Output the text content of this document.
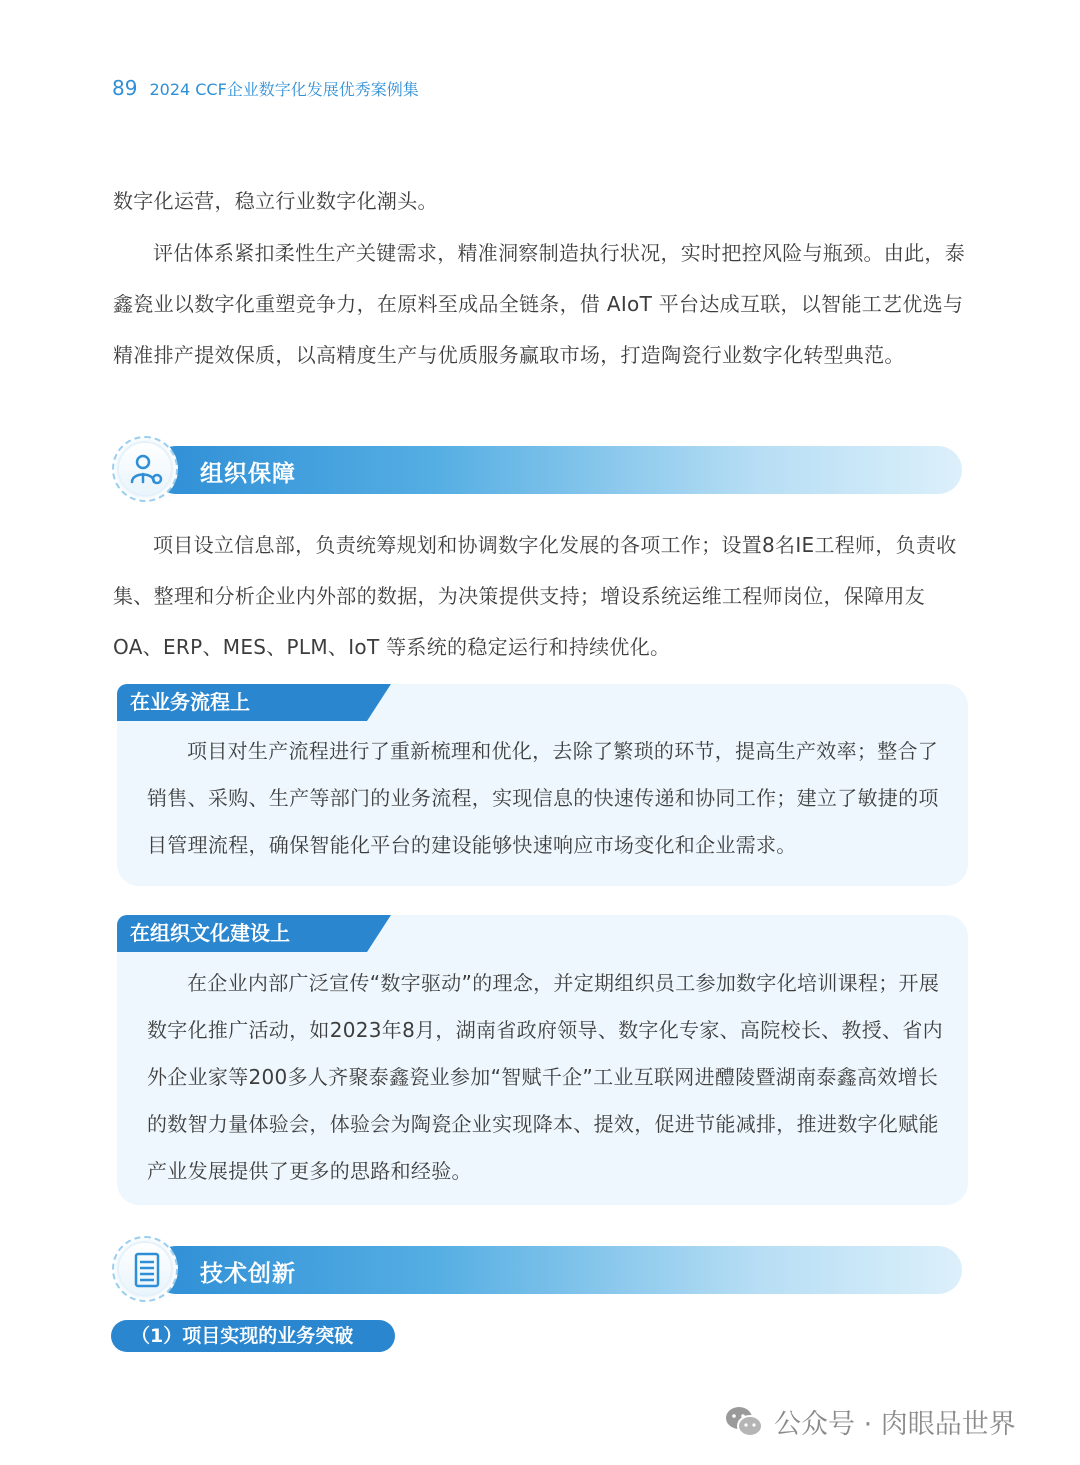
89 2024 CCF企业数字化发展优秀案例集

数字化运营，稳立行业数字化潮头。

评估体系紧扣柔性生产关键需求，精准洞察制造执行状况，实时把控风险与瓶颈。由此，泰鑫瓷业以数字化重塑竞争力，在原料至成品全链条，借 AIoT 平台达成互联，以智能工艺优选与精准排产提效保质，以高精度生产与优质服务赢取市场，打造陶瓷行业数字化转型典范。

组织保障

项目设立信息部，负责统筹规划和协调数字化发展的各项工作；设置8名IE工程师，负责收集、整理和分析企业内外部的数据，为决策提供支持；增设系统运维工程师岗位，保障用友 OA、ERP、MES、PLM、IoT 等系统的稳定运行和持续优化。

在业务流程上

项目对生产流程进行了重新梳理和优化，去除了繁琐的环节，提高生产效率；整合了销售、采购、生产等部门的业务流程，实现信息的快速传递和协同工作；建立了敏捷的项目管理流程，确保智能化平台的建设能够快速响应市场变化和企业需求。

在组织文化建设上

在企业内部广泛宣传“数字驱动”的理念，并定期组织员工参加数字化培训课程；开展数字化推广活动，如2023年8月，湖南省政府领导、数字化专家、高院校长、教授、省内外企业家等200多人齐聚泰鑫瓷业参加“智赋千企”工业互联网进醴陵暨湖南泰鑫高效增长的数智力量体验会，体验会为陶瓷企业实现降本、提效，促进节能减排，推进数字化赋能产业发展提供了更多的思路和经验。

技术创新
（1）项目实现的业务突破
公众号 · 肉眼品世界
